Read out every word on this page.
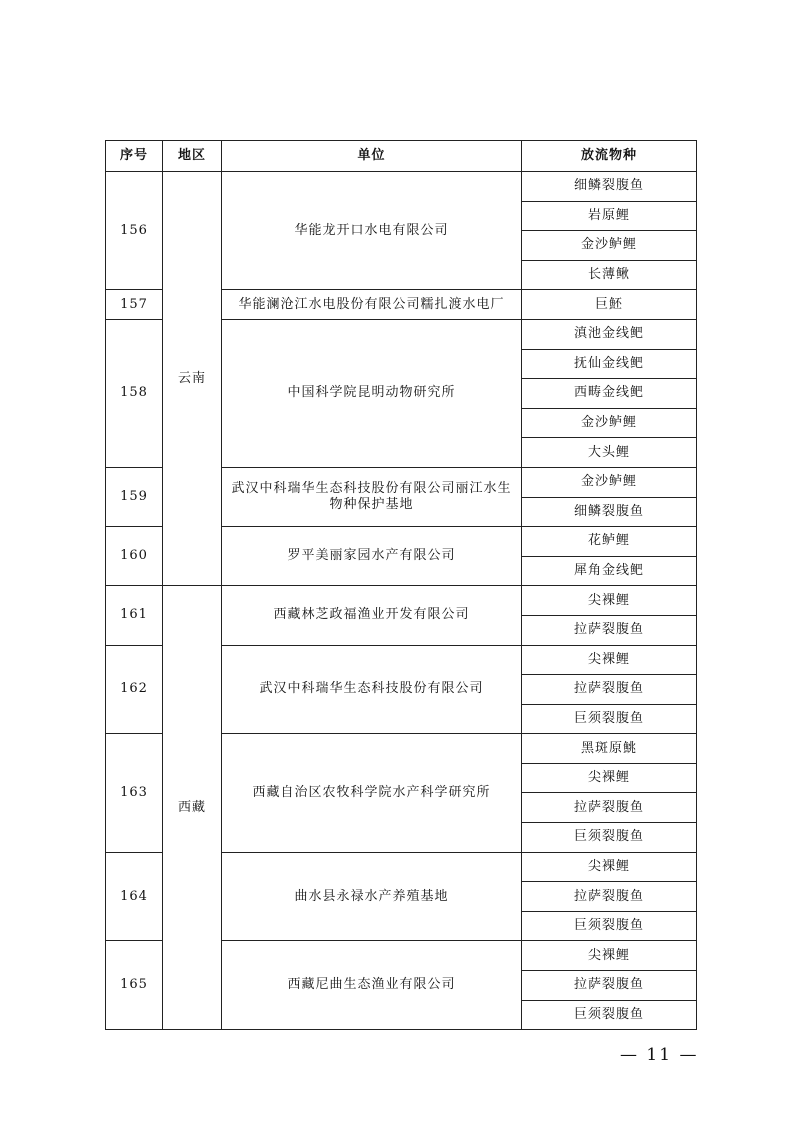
序号	地区	单位	放流物种
156	云南	华能龙开口水电有限公司	细鳞裂腹鱼
			岩原鲤
			金沙鲈鲤
			长薄鳅
157		华能澜沧江水电股份有限公司糯扎渡水电厂	巨魾
158		中国科学院昆明动物研究所	滇池金线鲃
			抚仙金线鲃
			西畴金线鲃
			金沙鲈鲤
			大头鲤
159		武汉中科瑞华生态科技股份有限公司丽江水生物种保护基地	金沙鲈鲤
			细鳞裂腹鱼
160		罗平美丽家园水产有限公司	花鲈鲤
			犀角金线鲃
161	西藏	西藏林芝政福渔业开发有限公司	尖裸鲤
			拉萨裂腹鱼
162		武汉中科瑞华生态科技股份有限公司	尖裸鲤
			拉萨裂腹鱼
			巨须裂腹鱼
163		西藏自治区农牧科学院水产科学研究所	黑斑原鮡
			尖裸鲤
			拉萨裂腹鱼
			巨须裂腹鱼
164		曲水县永禄水产养殖基地	尖裸鲤
			拉萨裂腹鱼
			巨须裂腹鱼
165		西藏尼曲生态渔业有限公司	尖裸鲤
			拉萨裂腹鱼
			巨须裂腹鱼
— 11 —
